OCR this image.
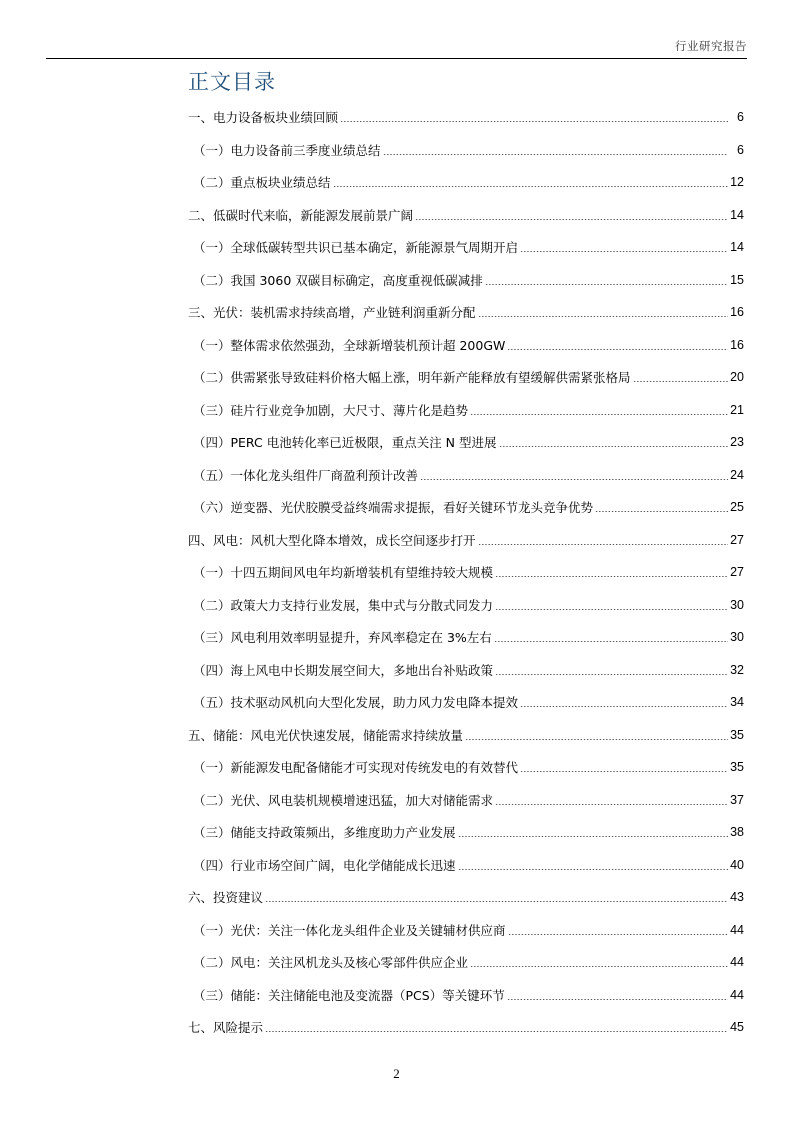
行业研究报告
正文目录
一、电力设备板块业绩回顾	6
（一）电力设备前三季度业绩总结	6
（二）重点板块业绩总结	12
二、低碳时代来临，新能源发展前景广阔	14
（一）全球低碳转型共识已基本确定，新能源景气周期开启	14
（二）我国 3060 双碳目标确定，高度重视低碳减排	15
三、光伏：装机需求持续高增，产业链利润重新分配	16
（一）整体需求依然强劲，全球新增装机预计超 200GW	16
（二）供需紧张导致硅料价格大幅上涨，明年新产能释放有望缓解供需紧张格局	20
（三）硅片行业竞争加剧，大尺寸、薄片化是趋势	21
（四）PERC 电池转化率已近极限，重点关注 N 型进展	23
（五）一体化龙头组件厂商盈利预计改善	24
（六）逆变器、光伏胶膜受益终端需求提振，看好关键环节龙头竞争优势	25
四、风电：风机大型化降本增效，成长空间逐步打开	27
（一）十四五期间风电年均新增装机有望维持较大规模	27
（二）政策大力支持行业发展，集中式与分散式同发力	30
（三）风电利用效率明显提升，弃风率稳定在 3%左右	30
（四）海上风电中长期发展空间大，多地出台补贴政策	32
（五）技术驱动风机向大型化发展，助力风力发电降本提效	34
五、储能：风电光伏快速发展，储能需求持续放量	35
（一）新能源发电配备储能才可实现对传统发电的有效替代	35
（二）光伏、风电装机规模增速迅猛，加大对储能需求	37
（三）储能支持政策频出，多维度助力产业发展	38
（四）行业市场空间广阔，电化学储能成长迅速	40
六、投资建议	43
（一）光伏：关注一体化龙头组件企业及关键辅材供应商	44
（二）风电：关注风机龙头及核心零部件供应企业	44
（三）储能：关注储能电池及变流器（PCS）等关键环节	44
七、风险提示	45
2
